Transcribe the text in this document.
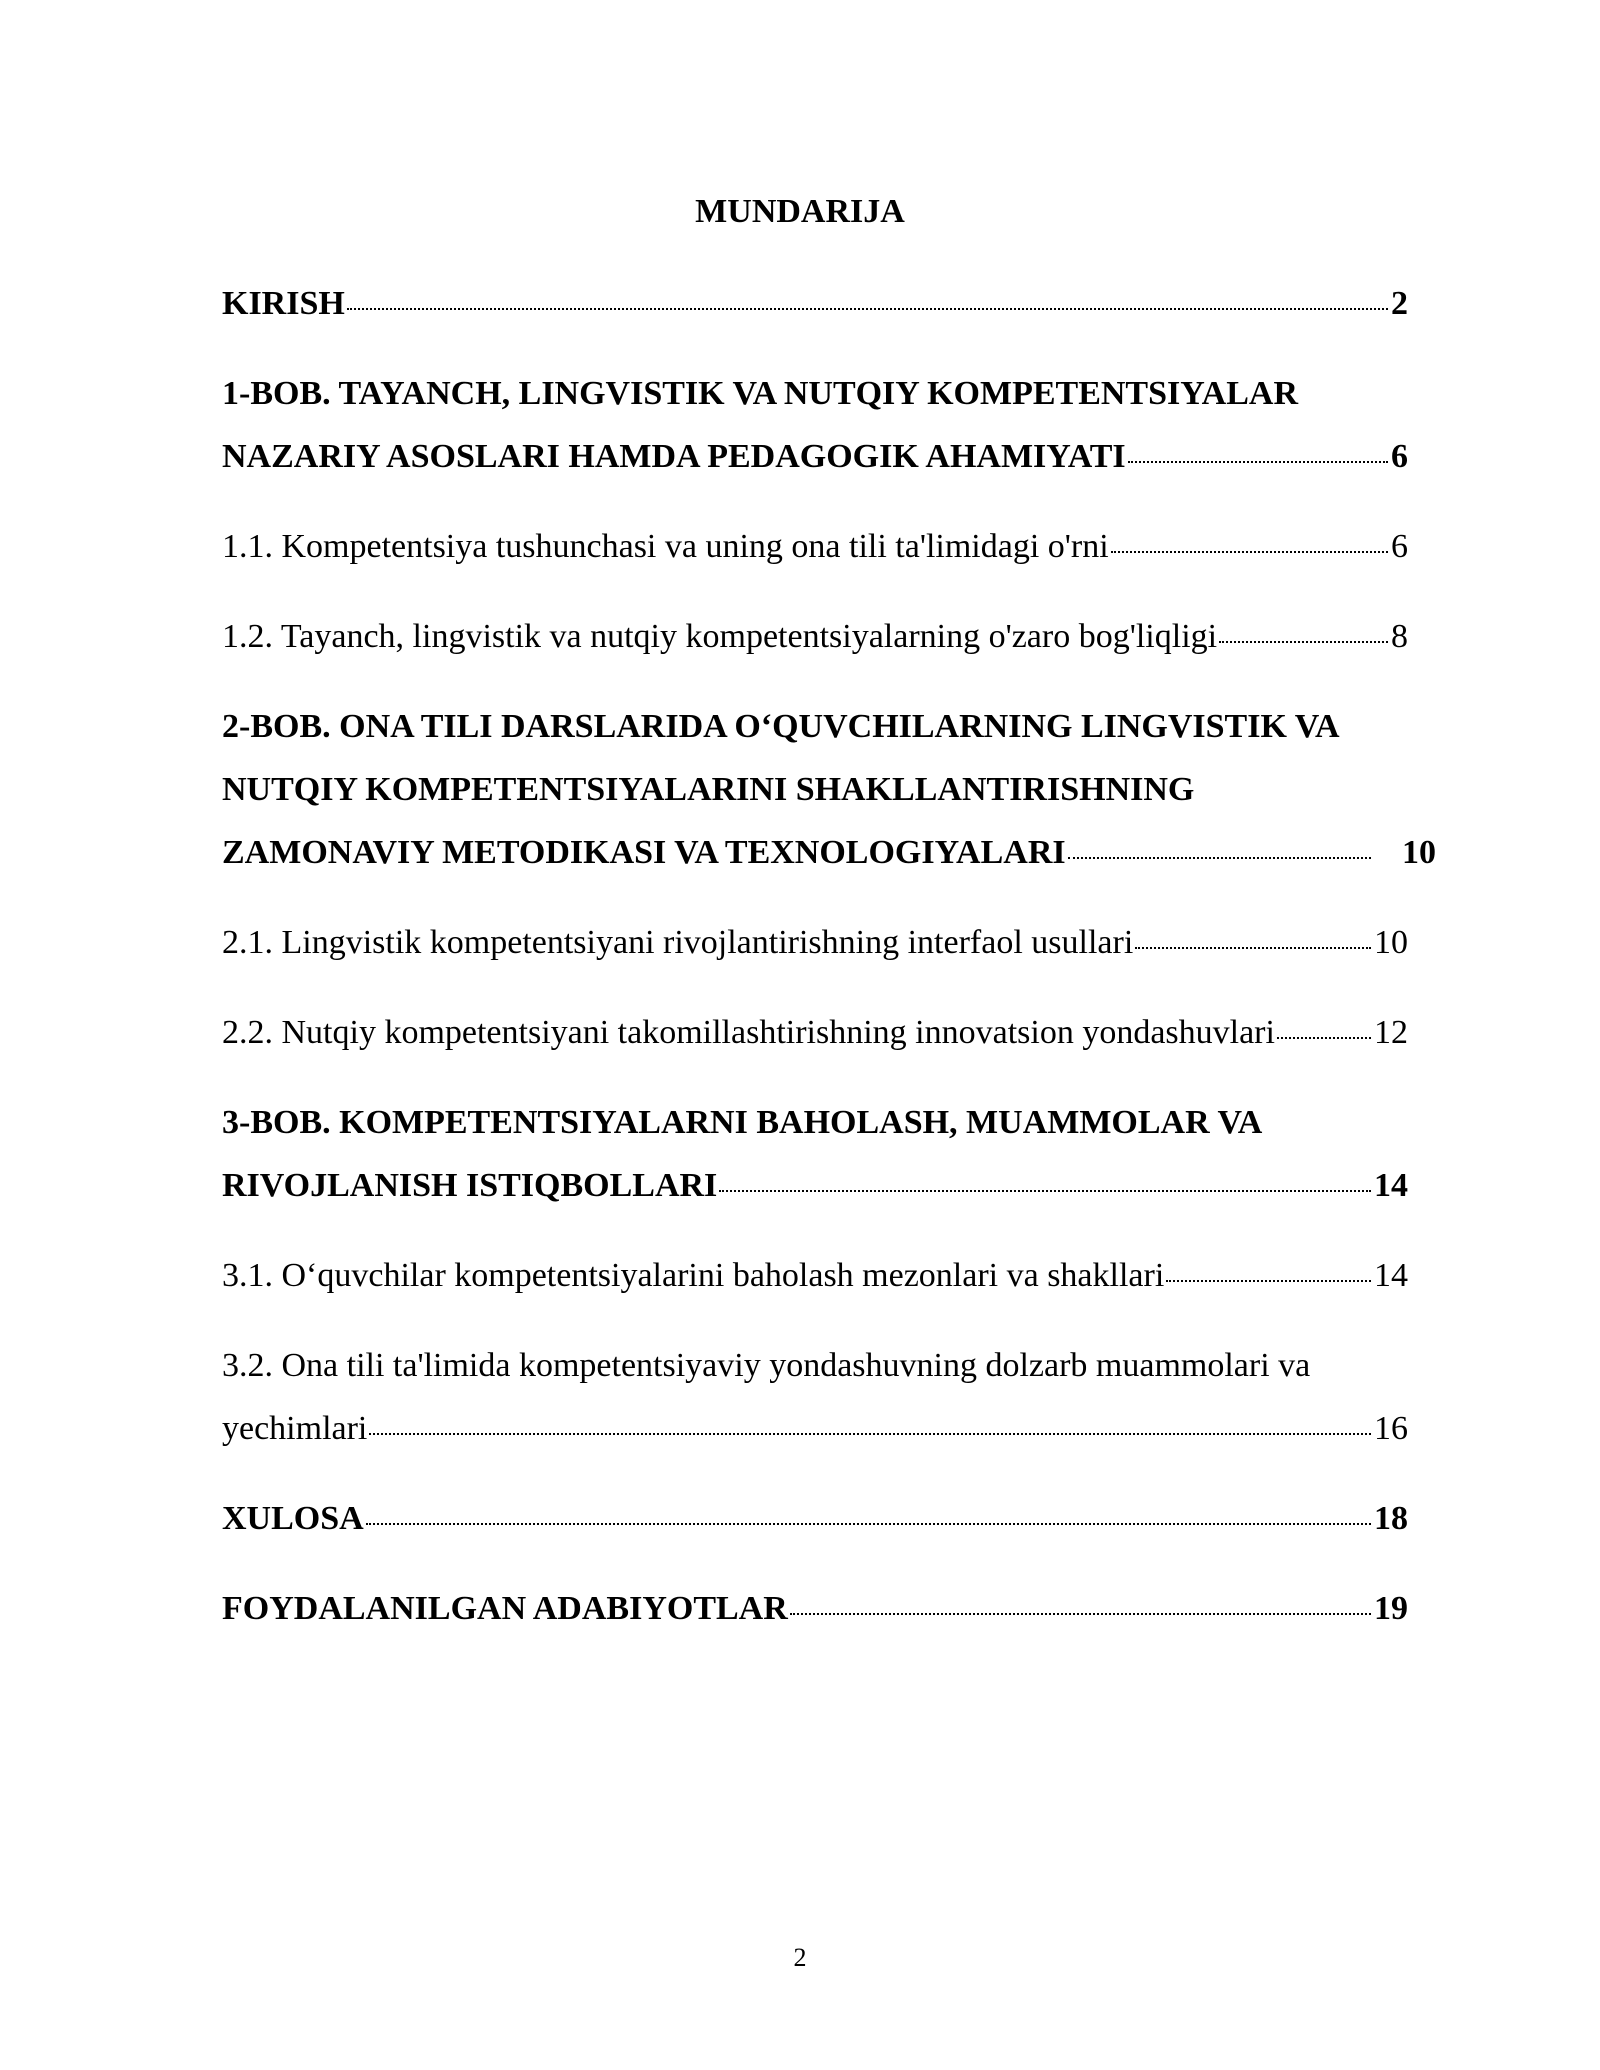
MUNDARIJA
KIRISH	2
1-BOB. TAYANCH, LINGVISTIK VA NUTQIY KOMPETENTSIYALAR
NAZARIY ASOSLARI HAMDA PEDAGOGIK AHAMIYATI	6
1.1. Kompetentsiya tushunchasi va uning ona tili ta'limidagi o'rni	6
1.2. Tayanch, lingvistik va nutqiy kompetentsiyalarning o'zaro bog'liqligi	8
2-BOB. ONA TILI DARSLARIDA O‘QUVCHILARNING LINGVISTIK VA
NUTQIY KOMPETENTSIYALARINI SHAKLLANTIRISHNING
ZAMONAVIY METODIKASI VA TEXNOLOGIYALARI	10
2.1. Lingvistik kompetentsiyani rivojlantirishning interfaol usullari	10
2.2. Nutqiy kompetentsiyani takomillashtirishning innovatsion yondashuvlari	12
3-BOB. KOMPETENTSIYALARNI BAHOLASH, MUAMMOLAR VA
RIVOJLANISH ISTIQBOLLARI	14
3.1. O‘quvchilar kompetentsiyalarini baholash mezonlari va shakllari	14
3.2. Ona tili ta'limida kompetentsiyaviy yondashuvning dolzarb muammolari va
yechimlari	16
XULOSA	18
FOYDALANILGAN ADABIYOTLAR	19
2
